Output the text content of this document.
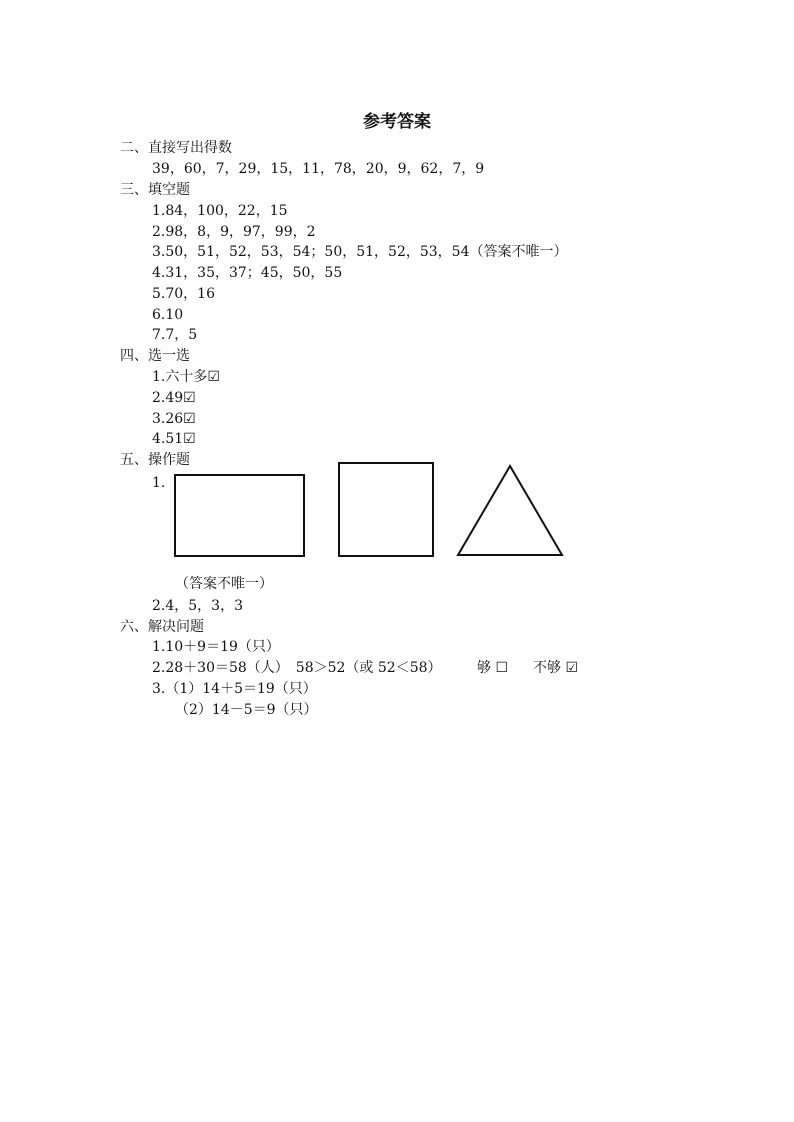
参考答案
二、直接写出得数
39，60，7，29，15，11，78，20，9，62，7，9
三、填空题
1.84，100，22，15
2.98，8，9，97，99，2
3.50，51，52，53，54；50，51，52，53，54（答案不唯一）
4.31，35，37；45，50，55
5.70，16
6.10
7.7，5
四、选一选
1.六十多☑
2.49☑
3.26☑
4.51☑
五、操作题
1.
（答案不唯一）
2.4，5，3，3
六、解决问题
1.10＋9＝19（只）
2.28＋30＝58（人）　58＞52（或 52＜58）	够 ☐ 不够 ☑
3.（1）14＋5＝19（只）
（2）14－5＝9（只）
